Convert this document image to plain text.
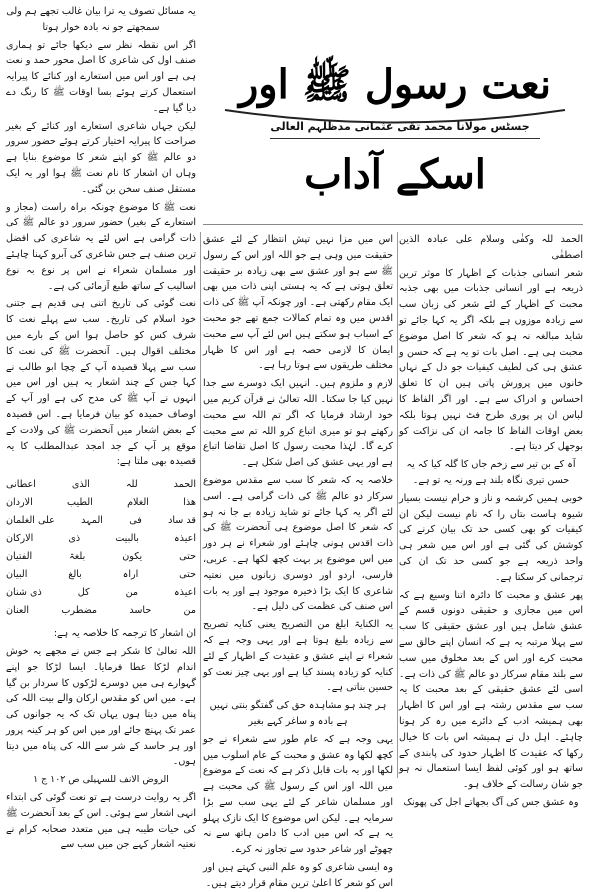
نعت رسول ﷺ اور اسکے آداب
جسٹس مولانا محمد تقی عثمانی مدظلہم العالی

الحمد للہ وکفٰی وسلام علی عبادہ الذین اصطفٰی

شعر انسانی جذبات کے اظہار کا موثر ترین ذریعہ ہے اور انسانی جذبات میں بھی جذبہ محبت کے اظہار کے لئے شعر کی زبان سب سے زیادہ موزوں ہے بلکہ اگر یہ کہا جائے تو شاید مبالغہ نہ ہو کہ شعر کا اصل موضوع محبت ہی ہے۔ اصل بات تو یہ ہے کہ حسن و عشق ہی کی لطیف کیفیات جو دل کے نہاں خانوں میں پرورش پاتی ہیں ان کا تعلق احساس و ادراک سے ہے۔ اور اگر الفاظ کا لباس ان پر پوری طرح فٹ نہیں ہوتا بلکہ بعض اوقات الفاظ کا جامہ ان کی نزاکت کو بوجھل کر دیتا ہے۔

آہ کے بن تیر سے زخم جاں کا گلہ کیا کہ یہ حسن تیری نگاہ بلند ہے ورنہ یہ تو ہے۔

خوبی ہمیں کرشمہ و ناز و خرام نیست بسیار شیوہ ہاست بتاں را کہ نام نیست لیکن ان کیفیات کو بھی کسی حد تک بیان کرنے کی کوشش کی گئی ہے اور اس میں شعر ہی واحد ذریعہ ہے جو کسی حد تک ان کی ترجمانی کر سکتا ہے۔

پھر عشق و محبت کا دائرہ اتنا وسیع ہے کہ اس میں مجازی و حقیقی دونوں قسم کے عشق شامل ہیں اور عشق حقیقی کا سب سے پہلا مرتبہ یہ ہے کہ انسان اپنے خالق سے محبت کرے اور اس کے بعد مخلوق میں سب سے بلند مقام سرکار دو عالم ﷺ کی ذات ہے۔ اسی لئے عشق حقیقی کے بعد محبت کا یہ سب سے مقدس رشتہ ہے اور اس کا اظہار بھی ہمیشہ ادب کے دائرے میں رہ کر ہونا چاہئے۔ اہل دل نے ہمیشہ اس بات کا خیال رکھا کہ عقیدت کا اظہار حدود کی پابندی کے ساتھ ہو اور کوئی لفظ ایسا استعمال نہ ہو جو شان رسالت کے خلاف ہو۔

وہ عشق جس کی آگ بجھاتے اجل کی پھونک

اس میں مزا نہیں تپش انتظار کے لئے عشق حقیقت میں وہی ہے جو اللہ اور اس کے رسول ﷺ سے ہو اور عشق سے بھی زیادہ بر حقیقت تعلق ہوتی ہے کہ یہ ہستی اپنی ذات میں بھی ایک مقام رکھتی ہے۔ اور چونکہ آپ ﷺ کی ذات اقدس میں وہ تمام کمالات جمع تھے جو محبت کے اسباب ہو سکتے ہیں اس لئے آپ سے محبت ایمان کا لازمی حصہ ہے اور اس کا ظہار مختلف طریقوں سے ہوتا رہا ہے۔

لازم و ملزوم ہیں۔ انہیں ایک دوسرے سے جدا نہیں کیا جا سکتا۔ اللہ تعالیٰ نے قرآن کریم میں خود ارشاد فرمایا کہ اگر تم اللہ سے محبت رکھتے ہو تو میری اتباع کرو اللہ تم سے محبت کرے گا۔ لہٰذا محبت رسول کا اصل تقاضا اتباع ہے اور یہی عشق کی اصل شکل ہے۔

خلاصہ یہ کہ شعر کا سب سے مقدس موضوع سرکار دو عالم ﷺ کی ذات گرامی ہے۔ اسی لئے اگر یہ کہا جائے تو شاید زیادہ بے جا نہ ہو کہ شعر کا اصل موضوع ہی آنحضرت ﷺ کی ذات اقدس ہونی چاہئے اور شعراء نے ہر دور میں اس موضوع پر بہت کچھ لکھا ہے۔ عربی، فارسی، اردو اور دوسری زبانوں میں نعتیہ شاعری کا ایک بڑا ذخیرہ موجود ہے اور یہ بات اس صنف کی عظمت کی دلیل ہے۔

یہ الکنایۃ ابلغ من التصریح یعنی کنایہ تصریح سے زیادہ بلیغ ہوتا ہے اور یہی وجہ ہے کہ شعراء نے اپنے عشق و عقیدت کے اظہار کے لئے کنایہ کو زیادہ پسند کیا ہے اور یہی چیز نعت کو حسین بناتی ہے۔

ہر چند ہو مشاہدہ حق کی گفتگو بنتی نہیں ہے بادہ و ساغر کہے بغیر

یہی وجہ ہے کہ عام طور سے شعراء نے جو کچھ لکھا وہ عشق و محبت کے عام اسلوب میں لکھا اور یہ بات قابل ذکر ہے کہ نعت کے موضوع میں اللہ اور اس کے رسول ﷺ کی محبت ہے اور مسلمان شاعر کے لئے یہی سب سے بڑا سرمایہ ہے۔ لیکن اس موضوع کا ایک نازک پہلو یہ ہے کہ اس میں ادب کا دامن ہاتھ سے نہ چھوٹے اور شاعر حدود سے تجاوز نہ کرے۔

وہ ایسی شاعری کو وہ علم النبی کہتے ہیں اور اس کو شعر کا اعلیٰ ترین مقام قرار دیتے ہیں۔

یہ مسائل تصوف یہ ترا بیان غالب تجھے ہم ولی سمجھتے جو نہ بادہ خوار ہوتا

اگر اس نقطہ نظر سے دیکھا جائے تو ہماری صنف اول کی شاعری کا اصل محور حمد و نعت ہی ہے اور اس میں استعارے اور کنائے کا پیرایہ استعمال کرتے ہوئے بسا اوقات ﷺ کا رنگ دے دیا گیا ہے۔

لیکن جہاں شاعری استعارے اور کنائے کے بغیر صراحت کا پیرایہ اختیار کرتے ہوئے حضور سرور دو عالم ﷺ کو اپنے شعر کا موضوع بنایا ہے وہاں ان اشعار کا نام نعت ﷺ ہوا اور یہ ایک مستقل صنف سخن بن گئی۔

نعت ﷺ کا موضوع چونکہ براہ راست (مجاز و استعارے کے بغیر) حضور سرور دو عالم ﷺ کی ذات گرامی ہے اس لئے یہ شاعری کی افضل ترین صنف ہے جس شاعری کی آبرو کہنا چاہئے اور مسلمان شعراء نے اس پر نوع بہ نوع اسالیب کے ساتھ طبع آزمائی کی ہے۔

نعت گوئی کی تاریخ اتنی ہی قدیم ہے جتنی خود اسلام کی تاریخ۔ سب سے پہلے نعت کا شرف کس کو حاصل ہوا اس کے بارے میں مختلف اقوال ہیں۔ آنحضرت ﷺ کی نعت کا سب سے پہلا قصیدہ آپ کے چچا ابو طالب نے کہا جس کے چند اشعار یہ ہیں اور اس میں انہوں نے آپ ﷺ کی مدح کی ہے اور آپ کے اوصاف حمیدہ کو بیان فرمایا ہے۔ اس قصیدہ کے بعض اشعار میں آنحضرت ﷺ کی ولادت کے موقع پر آپ کے جد امجد عبدالمطلب کا یہ قصیدہ بھی ملتا ہے:

الحمد
للہ
الذی
اعطانی
ھذا
الغلام
الطیب
الاردان
قد ساد
فی
المہد
علی الغلمان
اعیذہ
بالبیت
ذی
الارکان
حتی
یکون
بلغۃ
الفتیان
حتی
اراہ
بالغ
البیان
اعیذہ
من
کل
ذی شنان
من
حاسد
مضطرب
العنان

ان اشعار کا ترجمہ کا خلاصہ یہ ہے:

اللہ تعالیٰ کا شکر ہے جس نے مجھے یہ خوش اندام لڑکا عطا فرمایا۔ ایسا لڑکا جو اپنے گہوارے ہی میں دوسرے لڑکوں کا سردار بن گیا ہے۔ میں اس کو مقدس ارکان والے بیت اللہ کی پناہ میں دیتا ہوں یہاں تک کہ یہ جوانوں کی عمر تک پہنچ جائے اور میں اس کو ہر کینہ پرور اور ہر حاسد کے شر سے اللہ کی پناہ میں دیتا ہوں۔

الروض الانف للسہیلی ص ۱۰۲ ج ۱

اگر یہ روایت درست ہے تو نعت گوئی کی ابتداء انہی اشعار سے ہوئی۔ اس کے بعد آنحضرت ﷺ کی حیات طیبہ ہی میں متعدد صحابہ کرام نے نعتیہ اشعار کہے جن میں سب سے
